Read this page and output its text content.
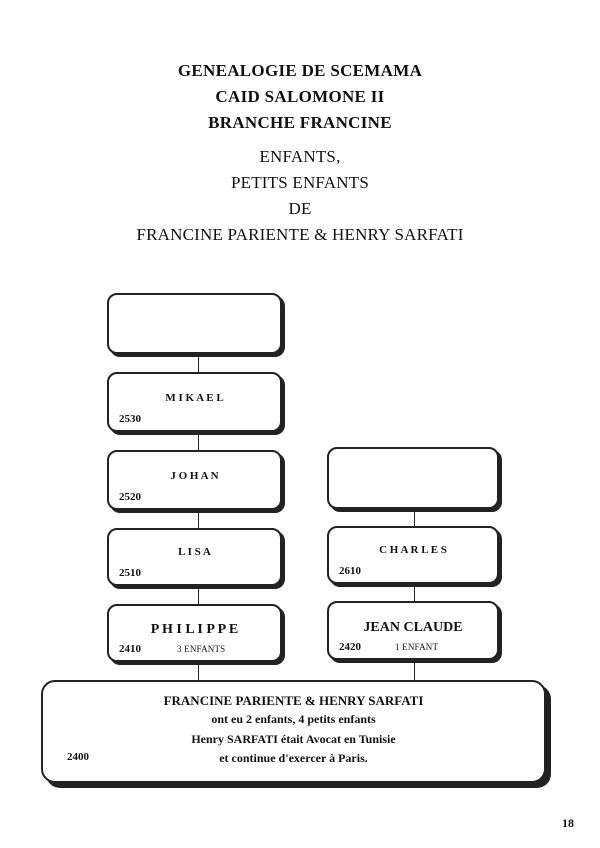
GENEALOGIE DE SCEMAMA
CAID SALOMONE II
BRANCHE FRANCINE
ENFANTS,
PETITS ENFANTS
DE
FRANCINE PARIENTE & HENRY SARFATI
M I K A E L
2530
J O H A N
2520
L I S A
2510
P H I L I P P E
2410	3 ENFANTS
C H A R L E S
2610
JEAN CLAUDE
2420	1 ENFANT
FRANCINE PARIENTE & HENRY SARFATI
ont eu 2 enfants, 4 petits enfants
Henry SARFATI était Avocat en Tunisie
et continue d'exercer à Paris.
2400
18
